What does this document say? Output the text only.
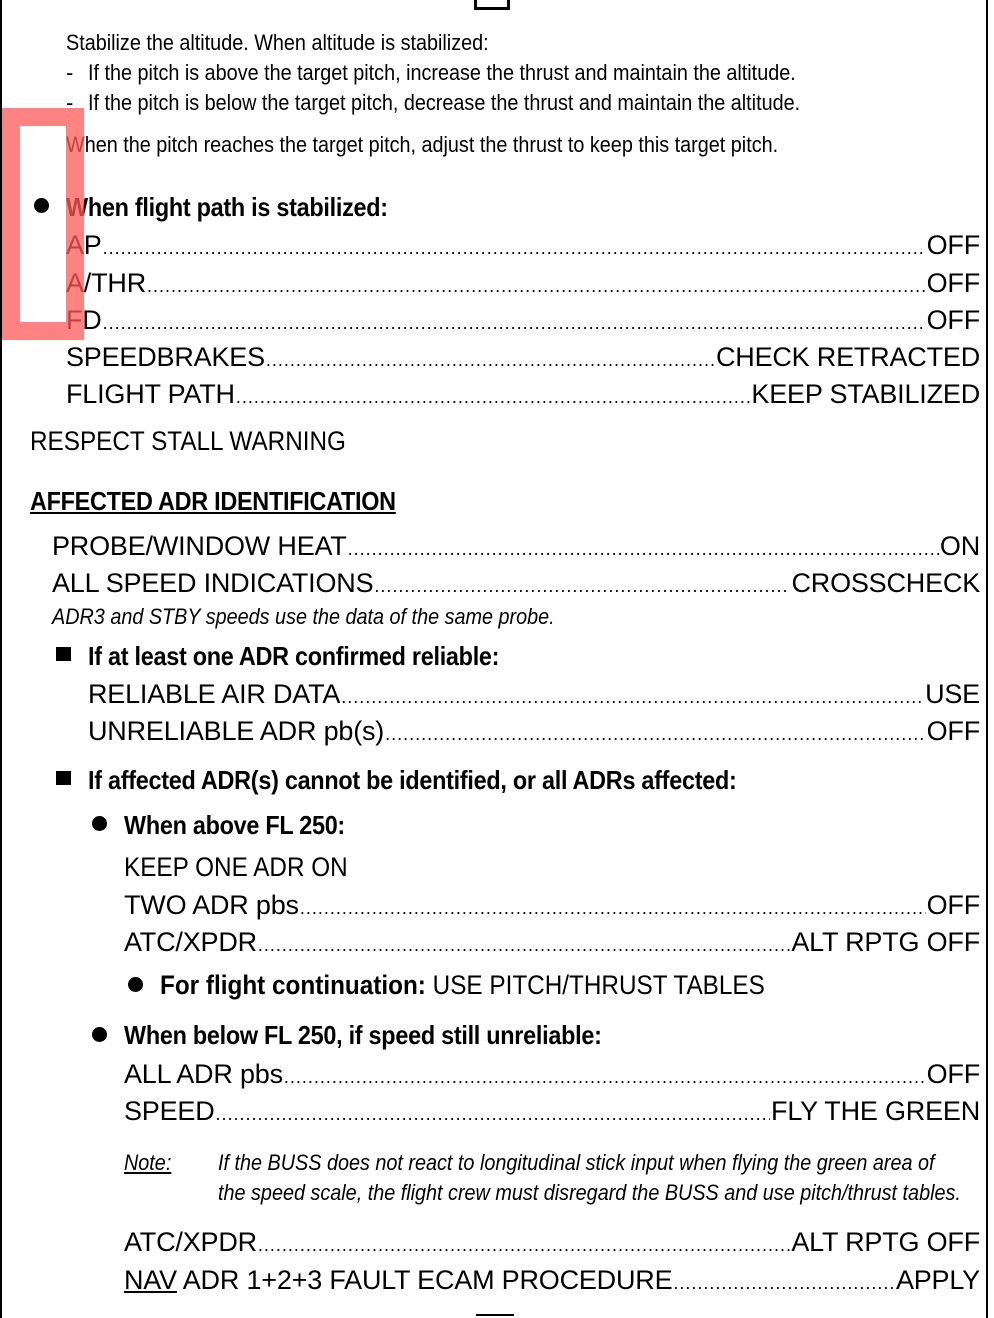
Stabilize the altitude. When altitude is stabilized:
- If the pitch is above the target pitch, increase the thrust and maintain the altitude.
- If the pitch is below the target pitch, decrease the thrust and maintain the altitude.
When the pitch reaches the target pitch, adjust the thrust to keep this target pitch.
When flight path is stabilized:
AP .....	OFF
A/THR .....	OFF
FD .....	OFF
SPEEDBRAKES .....	CHECK RETRACTED
FLIGHT PATH .....	KEEP STABILIZED
RESPECT STALL WARNING
AFFECTED ADR IDENTIFICATION
PROBE/WINDOW HEAT .....	ON
ALL SPEED INDICATIONS .....	CROSSCHECK
ADR3 and STBY speeds use the data of the same probe.
If at least one ADR confirmed reliable:
RELIABLE AIR DATA .....	USE
UNRELIABLE ADR pb(s) .....	OFF
If affected ADR(s) cannot be identified, or all ADRs affected:
When above FL 250:
KEEP ONE ADR ON
TWO ADR pbs .....	OFF
ATC/XPDR .....	ALT RPTG OFF
For flight continuation: USE PITCH/THRUST TABLES
When below FL 250, if speed still unreliable:
ALL ADR pbs .....	OFF
SPEED .....	FLY THE GREEN
Note: If the BUSS does not react to longitudinal stick input when flying the green area of
the speed scale, the flight crew must disregard the BUSS and use pitch/thrust tables.
ATC/XPDR .....	ALT RPTG OFF
NAV ADR 1+2+3 FAULT ECAM PROCEDURE .....	APPLY
